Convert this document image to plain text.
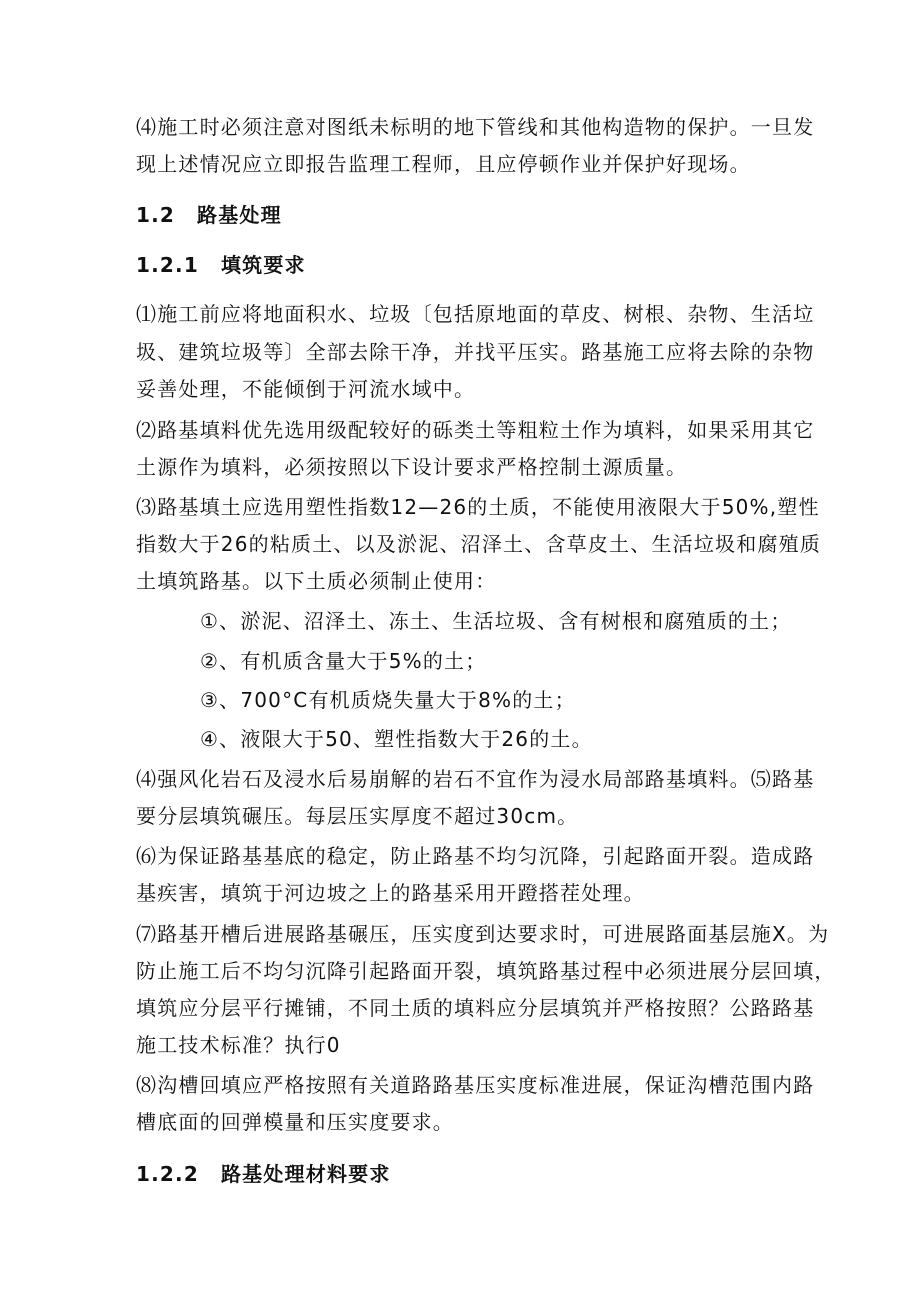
⑷施工时必须注意对图纸未标明的地下管线和其他构造物的保护。一旦发
现上述情况应立即报告监理工程师，且应停顿作业并保护好现场。
1.2 路基处理
1.2.1 填筑要求
⑴施工前应将地面积水、垃圾〔包括原地面的草皮、树根、杂物、生活垃
圾、建筑垃圾等〕全部去除干净，并找平压实。路基施工应将去除的杂物
妥善处理，不能倾倒于河流水域中。
⑵路基填料优先选用级配较好的砾类土等粗粒土作为填料，如果采用其它
土源作为填料，必须按照以下设计要求严格控制土源质量。
⑶路基填土应选用塑性指数12—26的土质，不能使用液限大于50%,塑性
指数大于26的粘质土、以及淤泥、沼泽土、含草皮土、生活垃圾和腐殖质
土填筑路基。以下土质必须制止使用：
①、淤泥、沼泽土、冻土、生活垃圾、含有树根和腐殖质的土；
②、有机质含量大于5%的土；
③、700°C有机质烧失量大于8%的土；
④、液限大于50、塑性指数大于26的土。
⑷强风化岩石及浸水后易崩解的岩石不宜作为浸水局部路基填料。⑸路基
要分层填筑碾压。每层压实厚度不超过30cm。
⑹为保证路基基底的稳定，防止路基不均匀沉降，引起路面开裂。造成路
基疾害，填筑于河边坡之上的路基采用开蹬搭茬处理。
⑺路基开槽后进展路基碾压，压实度到达要求时，可进展路面基层施X。为
防止施工后不均匀沉降引起路面开裂，填筑路基过程中必须进展分层回填，
填筑应分层平行摊铺，不同土质的填料应分层填筑并严格按照？公路路基
施工技术标准？执行0
⑻沟槽回填应严格按照有关道路路基压实度标准进展，保证沟槽范围内路
槽底面的回弹模量和压实度要求。
1.2.2 路基处理材料要求
